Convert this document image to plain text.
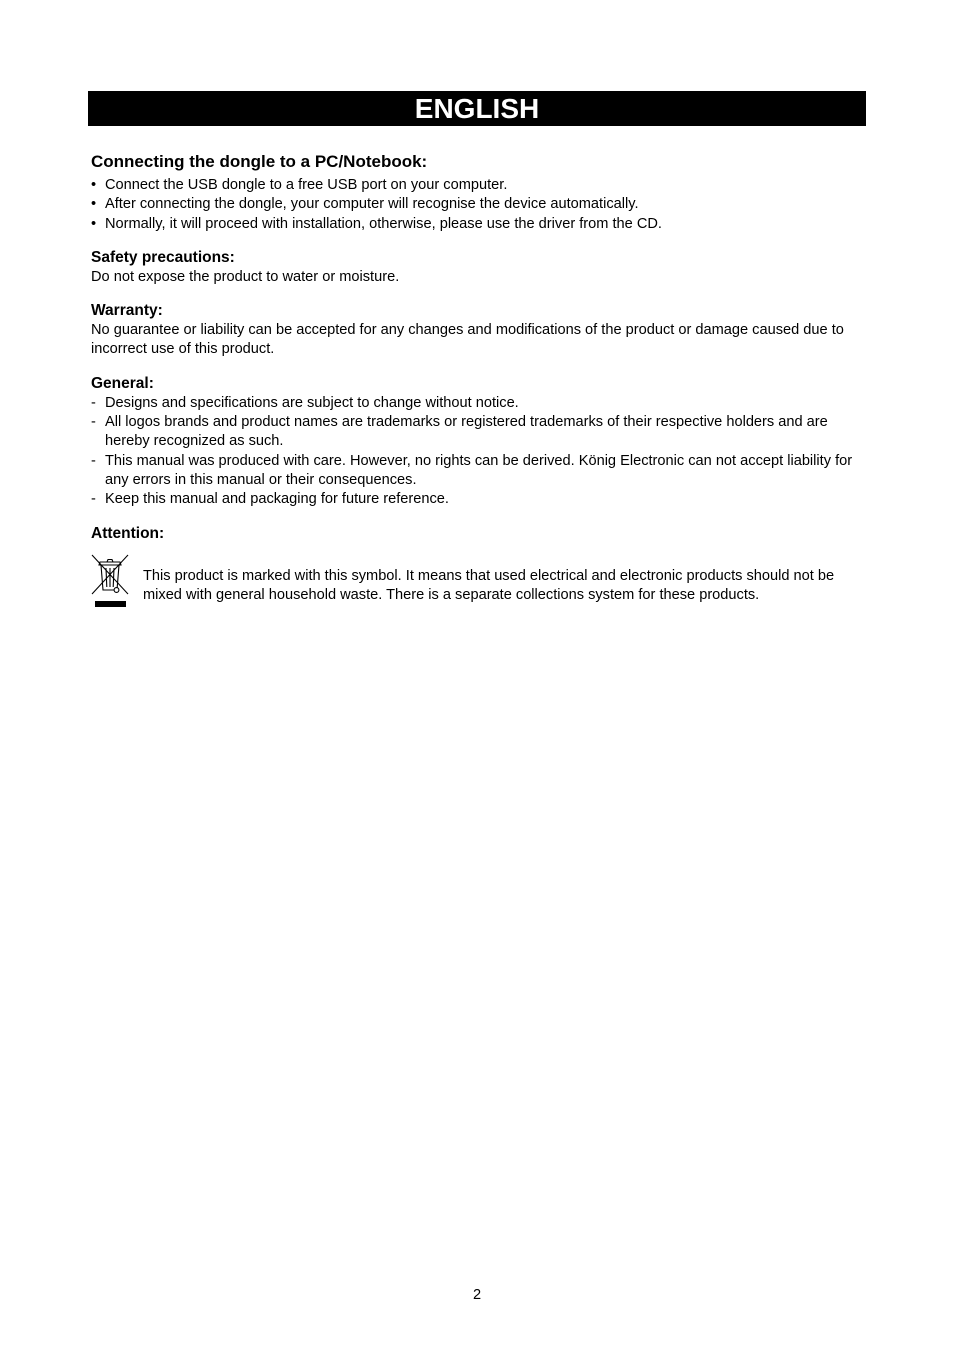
ENGLISH
Connecting the dongle to a PC/Notebook:
• Connect the USB dongle to a free USB port on your computer.
• After connecting the dongle, your computer will recognise the device automatically.
• Normally, it will proceed with installation, otherwise, please use the driver from the CD.
Safety precautions:

Do not expose the product to water or moisture.

Warranty:

No guarantee or liability can be accepted for any changes and modifications of the product or damage caused due to incorrect use of this product.

General:
- Designs and specifications are subject to change without notice.
- All logos brands and product names are trademarks or registered trademarks of their respective holders and are hereby recognized as such.
- This manual was produced with care. However, no rights can be derived. König Electronic can not accept liability for any errors in this manual or their consequences.
- Keep this manual and packaging for future reference.
Attention:
This product is marked with this symbol. It means that used electrical and electronic products should not be mixed with general household waste. There is a separate collections system for these products.
2
